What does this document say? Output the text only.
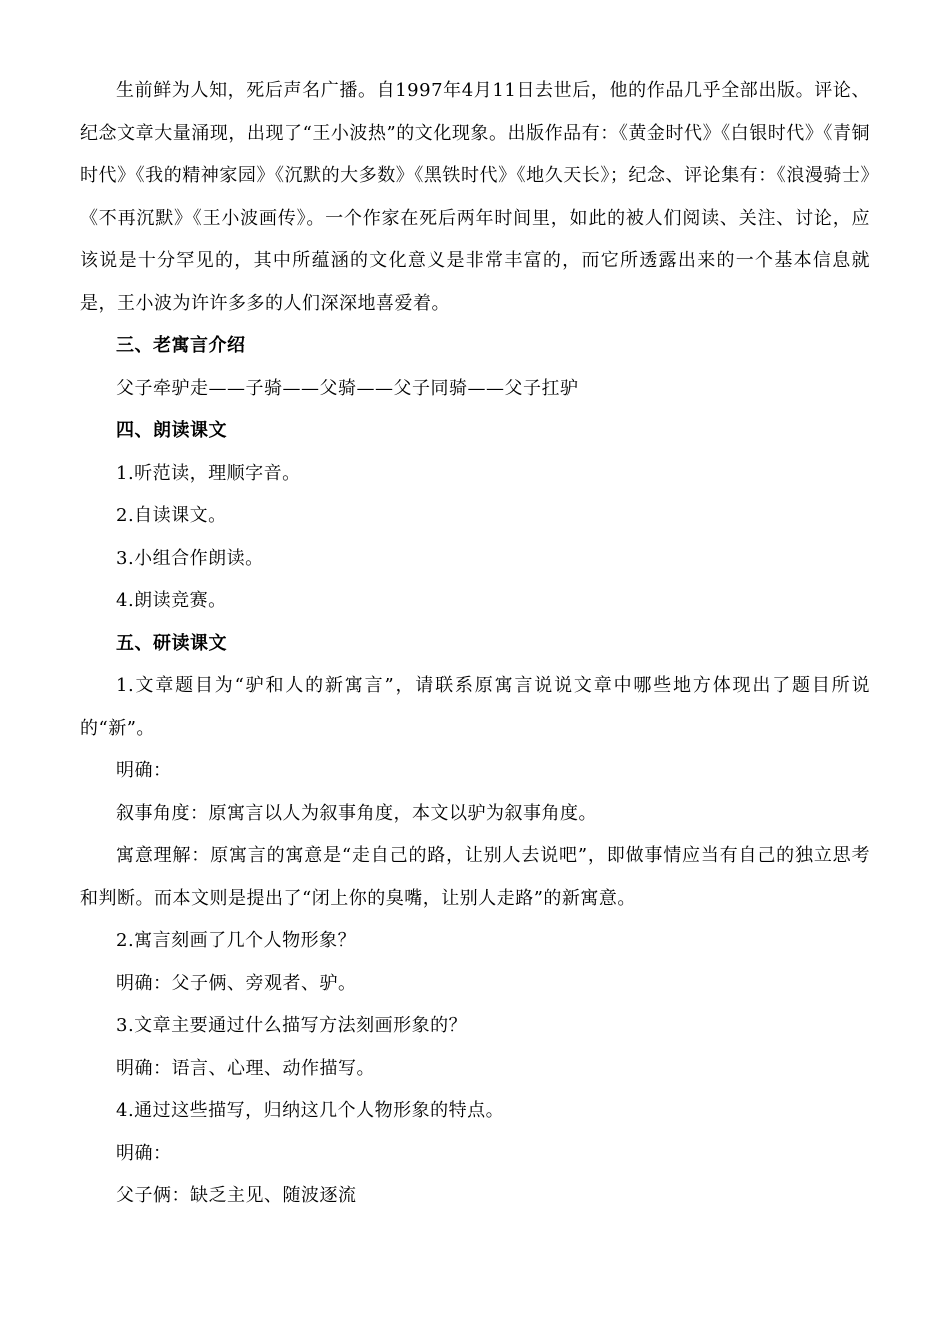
生前鲜为人知，死后声名广播。自1997年4月11日去世后，他的作品几乎全部出版。评论、纪念文章大量涌现，出现了“王小波热”的文化现象。出版作品有：《黄金时代》《白银时代》《青铜时代》《我的精神家园》《沉默的大多数》《黑铁时代》《地久天长》；纪念、评论集有：《浪漫骑士》《不再沉默》《王小波画传》。一个作家在死后两年时间里，如此的被人们阅读、关注、讨论，应该说是十分罕见的，其中所蕴涵的文化意义是非常丰富的，而它所透露出来的一个基本信息就是，王小波为许许多多的人们深深地喜爱着。

三、老寓言介绍

父子牵驴走——子骑——父骑——父子同骑——父子扛驴

四、朗读课文

1.听范读，理顺字音。

2.自读课文。

3.小组合作朗读。

4.朗读竞赛。

五、研读课文

1.文章题目为“驴和人的新寓言”，请联系原寓言说说文章中哪些地方体现出了题目所说的“新”。

明确：

叙事角度：原寓言以人为叙事角度，本文以驴为叙事角度。

寓意理解：原寓言的寓意是“走自己的路，让别人去说吧”，即做事情应当有自己的独立思考和判断。而本文则是提出了“闭上你的臭嘴，让别人走路”的新寓意。

2.寓言刻画了几个人物形象？

明确：父子俩、旁观者、驴。

3.文章主要通过什么描写方法刻画形象的？

明确：语言、心理、动作描写。

4.通过这些描写，归纳这几个人物形象的特点。

明确：

父子俩：缺乏主见、随波逐流
